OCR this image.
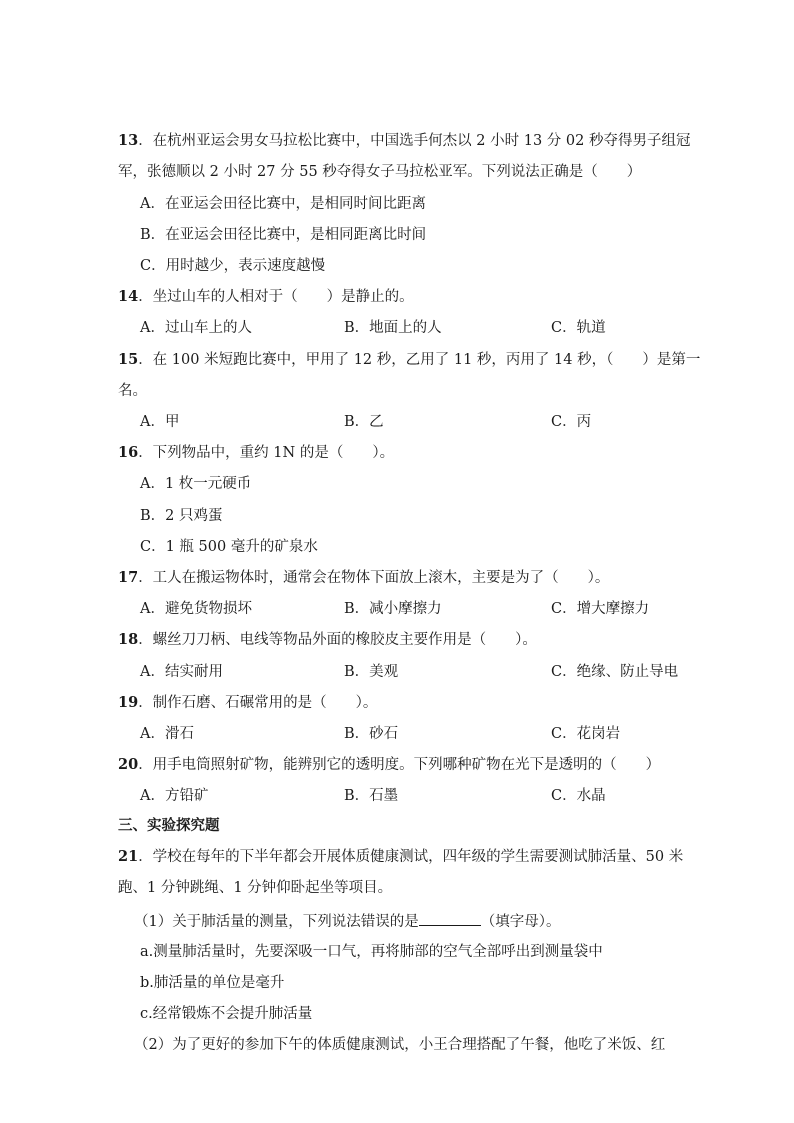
13．在杭州亚运会男女马拉松比赛中，中国选手何杰以 2 小时 13 分 02 秒夺得男子组冠
军，张德顺以 2 小时 27 分 55 秒夺得女子马拉松亚军。下列说法正确是（　　）
A．在亚运会田径比赛中，是相同时间比距离
B．在亚运会田径比赛中，是相同距离比时间
C．用时越少，表示速度越慢
14．坐过山车的人相对于（　　）是静止的。
A．过山车上的人	B．地面上的人	C．轨道
15．在 100 米短跑比赛中，甲用了 12 秒，乙用了 11 秒，丙用了 14 秒，（　　）是第一
名。
A．甲	B．乙	C．丙
16．下列物品中，重约 1N 的是（　　）。
A．1 枚一元硬币
B．2 只鸡蛋
C．1 瓶 500 毫升的矿泉水
17．工人在搬运物体时，通常会在物体下面放上滚木，主要是为了（　　）。
A．避免货物损坏	B．减小摩擦力	C．增大摩擦力
18．螺丝刀刀柄、电线等物品外面的橡胶皮主要作用是（　　）。
A．结实耐用	B．美观	C．绝缘、防止导电
19．制作石磨、石碾常用的是（　　）。
A．滑石	B．砂石	C．花岗岩
20．用手电筒照射矿物，能辨别它的透明度。下列哪种矿物在光下是透明的（　　）
A．方铅矿	B．石墨	C．水晶
三、实验探究题
21．学校在每年的下半年都会开展体质健康测试，四年级的学生需要测试肺活量、50 米
跑、1 分钟跳绳、1 分钟仰卧起坐等项目。
（1）关于肺活量的测量，下列说法错误的是	（填字母）。
a.测量肺活量时，先要深吸一口气，再将肺部的空气全部呼出到测量袋中
b.肺活量的单位是毫升
c.经常锻炼不会提升肺活量
（2）为了更好的参加下午的体质健康测试，小王合理搭配了午餐，他吃了米饭、红
